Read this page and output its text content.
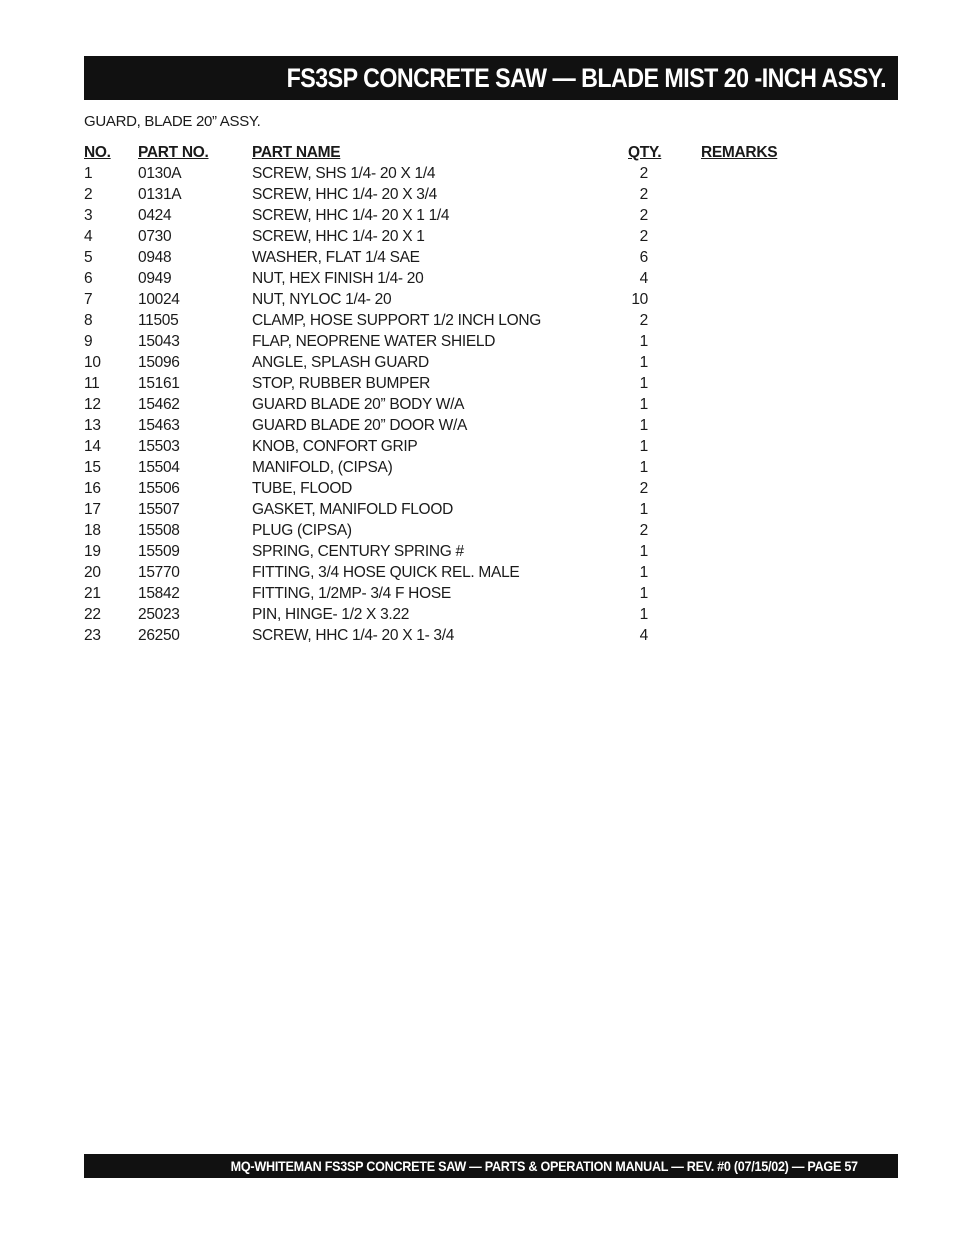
FS3SP CONCRETE SAW — BLADE MIST 20 -INCH ASSY.
GUARD, BLADE 20” ASSY.
NO. PART NO.	PART NAME	QTY.	REMARKS
1	0130A	SCREW, SHS 1/4- 20 X 1/4	2
2	0131A	SCREW, HHC 1/4- 20 X 3/4	2
3	0424	SCREW, HHC 1/4- 20 X 1 1/4	2
4	0730	SCREW, HHC 1/4- 20 X 1	2
5	0948	WASHER, FLAT 1/4 SAE	6
6	0949	NUT, HEX FINISH 1/4- 20	4
7	10024	NUT, NYLOC 1/4- 20	10
8	11505	CLAMP, HOSE SUPPORT 1/2 INCH LONG	2
9	15043	FLAP, NEOPRENE WATER SHIELD	1
10 15096	ANGLE, SPLASH GUARD	1
11 15161	STOP, RUBBER BUMPER	1
12 15462	GUARD BLADE 20” BODY W/A	1
13 15463	GUARD BLADE 20” DOOR W/A	1
14 15503	KNOB, CONFORT GRIP	1
15 15504	MANIFOLD, (CIPSA)	1
16 15506	TUBE, FLOOD	2
17 15507	GASKET, MANIFOLD FLOOD	1
18 15508	PLUG (CIPSA)	2
19 15509	SPRING, CENTURY SPRING #	1
20 15770	FITTING, 3/4 HOSE QUICK REL. MALE	1
21 15842	FITTING, 1/2MP- 3/4 F HOSE	1
22 25023	PIN, HINGE- 1/2 X 3.22	1
23 26250	SCREW, HHC 1/4- 20 X 1- 3/4	4
MQ-WHITEMAN FS3SP CONCRETE SAW — PARTS & OPERATION MANUAL — REV. #0 (07/15/02) — PAGE 57
